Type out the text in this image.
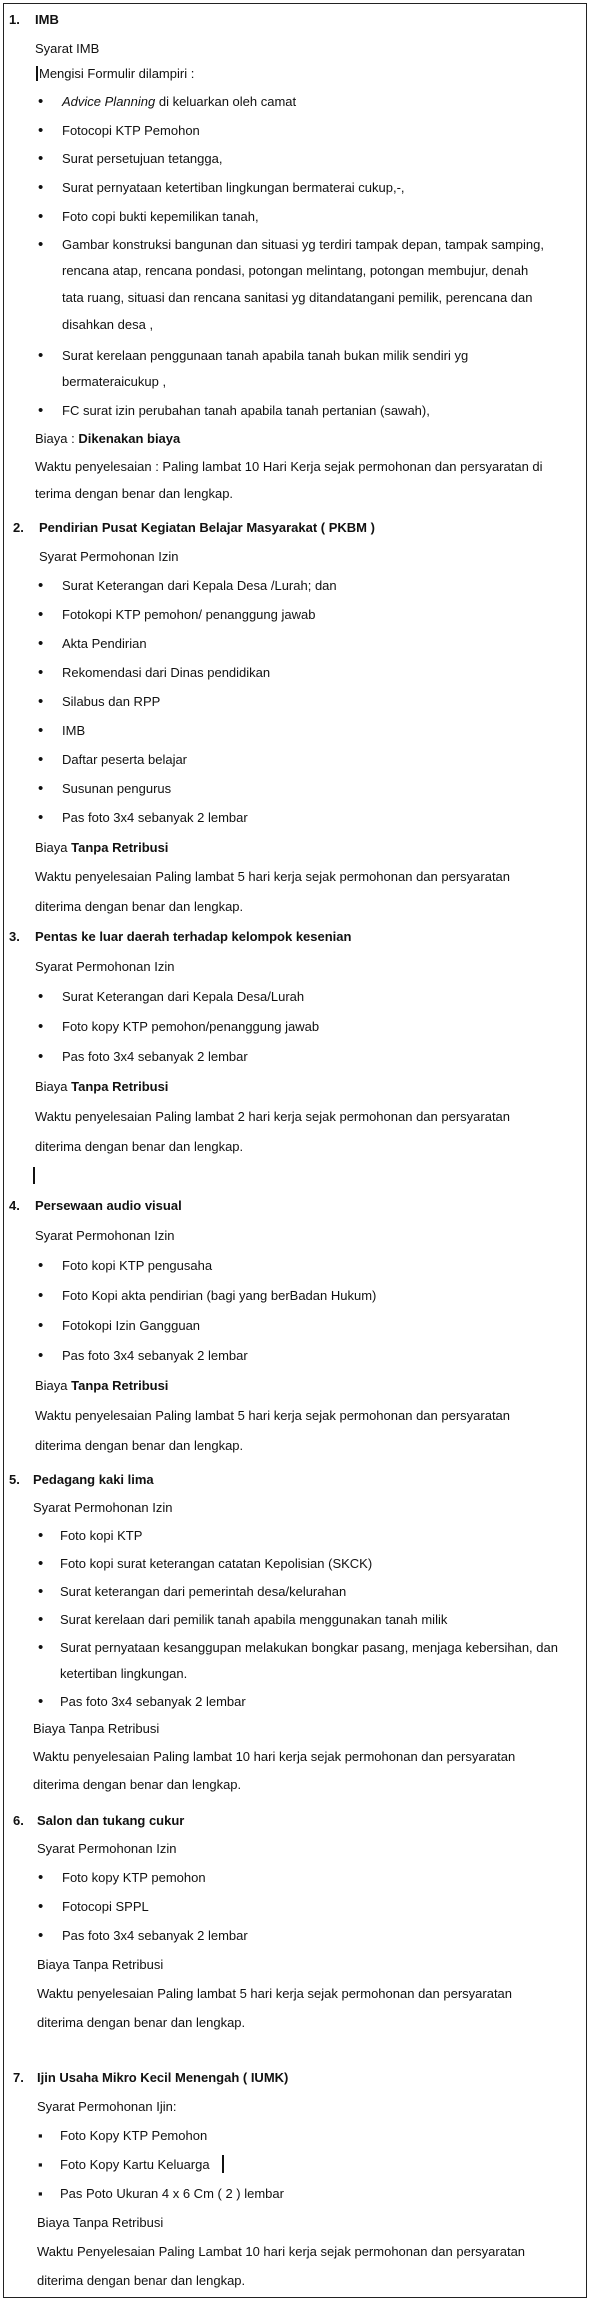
1. IMB
Syarat IMB
Mengisi Formulir dilampiri :
•
Advice Planning di keluarkan oleh camat
•
Fotocopi KTP Pemohon
•
Surat persetujuan tetangga,
•
Surat pernyataan ketertiban lingkungan bermaterai cukup,-,
•
Foto copi bukti kepemilikan tanah,
•
Gambar konstruksi bangunan dan situasi yg terdiri tampak depan, tampak samping,
rencana atap, rencana pondasi, potongan melintang, potongan membujur, denah
tata ruang, situasi dan rencana sanitasi yg ditandatangani pemilik, perencana dan
disahkan desa ,
•
Surat kerelaan penggunaan tanah apabila tanah bukan milik sendiri yg
bermateraicukup ,
•
FC surat izin perubahan tanah apabila tanah pertanian (sawah),
Biaya : Dikenakan biaya
Waktu penyelesaian : Paling lambat 10 Hari Kerja sejak permohonan dan persyaratan di
terima dengan benar dan lengkap.
2. Pendirian Pusat Kegiatan Belajar Masyarakat ( PKBM )
Syarat Permohonan Izin
•
Surat Keterangan dari Kepala Desa /Lurah; dan
•
Fotokopi KTP pemohon/ penanggung jawab
•
Akta Pendirian
•
Rekomendasi dari Dinas pendidikan
•
Silabus dan RPP
•
IMB
•
Daftar peserta belajar
•
Susunan pengurus
•
Pas foto 3x4 sebanyak 2 lembar
Biaya Tanpa Retribusi
Waktu penyelesaian Paling lambat 5 hari kerja sejak permohonan dan persyaratan
diterima dengan benar dan lengkap.
3. Pentas ke luar daerah terhadap kelompok kesenian
Syarat Permohonan Izin
•
Surat Keterangan dari Kepala Desa/Lurah
•
Foto kopy KTP pemohon/penanggung jawab
•
Pas foto 3x4 sebanyak 2 lembar
Biaya Tanpa Retribusi
Waktu penyelesaian Paling lambat 2 hari kerja sejak permohonan dan persyaratan
diterima dengan benar dan lengkap.
4. Persewaan audio visual
Syarat Permohonan Izin
•
Foto kopi KTP pengusaha
•
Foto Kopi akta pendirian (bagi yang berBadan Hukum)
•
Fotokopi Izin Gangguan
•
Pas foto 3x4 sebanyak 2 lembar
Biaya Tanpa Retribusi
Waktu penyelesaian Paling lambat 5 hari kerja sejak permohonan dan persyaratan
diterima dengan benar dan lengkap.
5. Pedagang kaki lima
Syarat Permohonan Izin
•
Foto kopi KTP
•
Foto kopi surat keterangan catatan Kepolisian (SKCK)
•
Surat keterangan dari pemerintah desa/kelurahan
•
Surat kerelaan dari pemilik tanah apabila menggunakan tanah milik
•
Surat pernyataan kesanggupan melakukan bongkar pasang, menjaga kebersihan, dan
ketertiban lingkungan.
•
Pas foto 3x4 sebanyak 2 lembar
Biaya Tanpa Retribusi
Waktu penyelesaian Paling lambat 10 hari kerja sejak permohonan dan persyaratan
diterima dengan benar dan lengkap.
6. Salon dan tukang cukur
Syarat Permohonan Izin
•
Foto kopy KTP pemohon
•
Fotocopi SPPL
•
Pas foto 3x4 sebanyak 2 lembar
Biaya Tanpa Retribusi
Waktu penyelesaian Paling lambat 5 hari kerja sejak permohonan dan persyaratan
diterima dengan benar dan lengkap.
7. Ijin Usaha Mikro Kecil Menengah ( IUMK)
Syarat Permohonan Ijin:
▪
Foto Kopy KTP Pemohon
▪
Foto Kopy Kartu Keluarga
▪
Pas Poto Ukuran 4 x 6 Cm ( 2 ) lembar
Biaya Tanpa Retribusi
Waktu Penyelesaian Paling Lambat 10 hari kerja sejak permohonan dan persyaratan
diterima dengan benar dan lengkap.
